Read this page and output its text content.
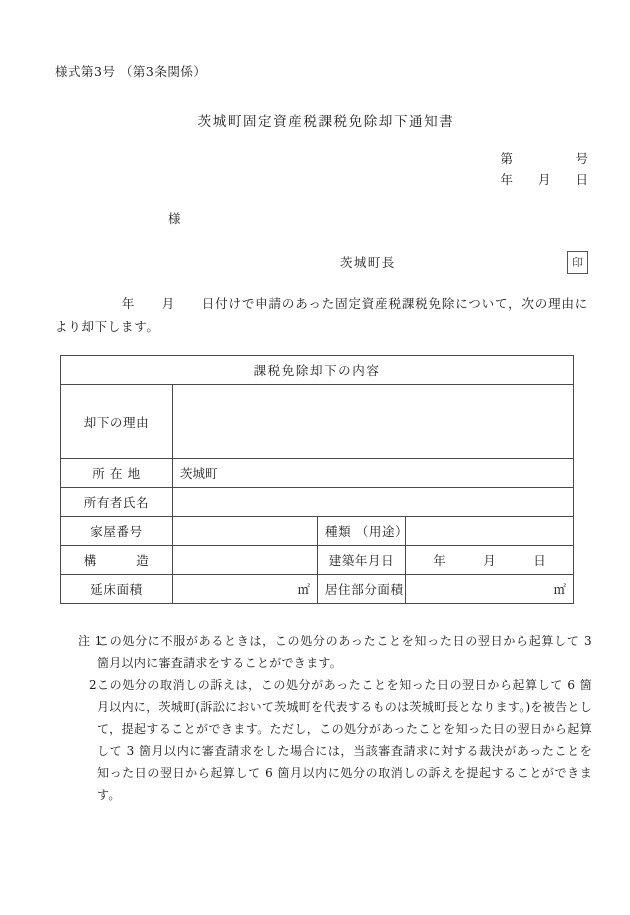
様式第3号 （第3条関係）
茨城町固定資産税課税免除却下通知書
第　　　　　号
年　　月　　日
様
茨城町長	印
　　　　　年　　月　　日付けで申請のあった固定資産税課税免除について，次の理由により却下します。
課税免除却下の内容			
却下の理由			
所 在 地	茨城町		
所有者氏名			
家屋番号		種類 （用途）	
構　　　造		建築年月日	年　　　月　　　日
延床面積	㎡	居住部分面積	㎡
注 1
この処分に不服があるときは，この処分のあったことを知った日の翌日から起算して 3 箇月以内に審査請求をすることができます。
2 この処分の取消しの訴えは，この処分があったことを知った日の翌日から起算して 6 箇月以内に，茨城町(訴訟において茨城町を代表するものは茨城町長となります。)を被告として，提起することができます。ただし，この処分があったことを知った日の翌日から起算して 3 箇月以内に審査請求をした場合には，当該審査請求に対する裁決があったことを知った日の翌日から起算して 6 箇月以内に処分の取消しの訴えを提起することができます。
